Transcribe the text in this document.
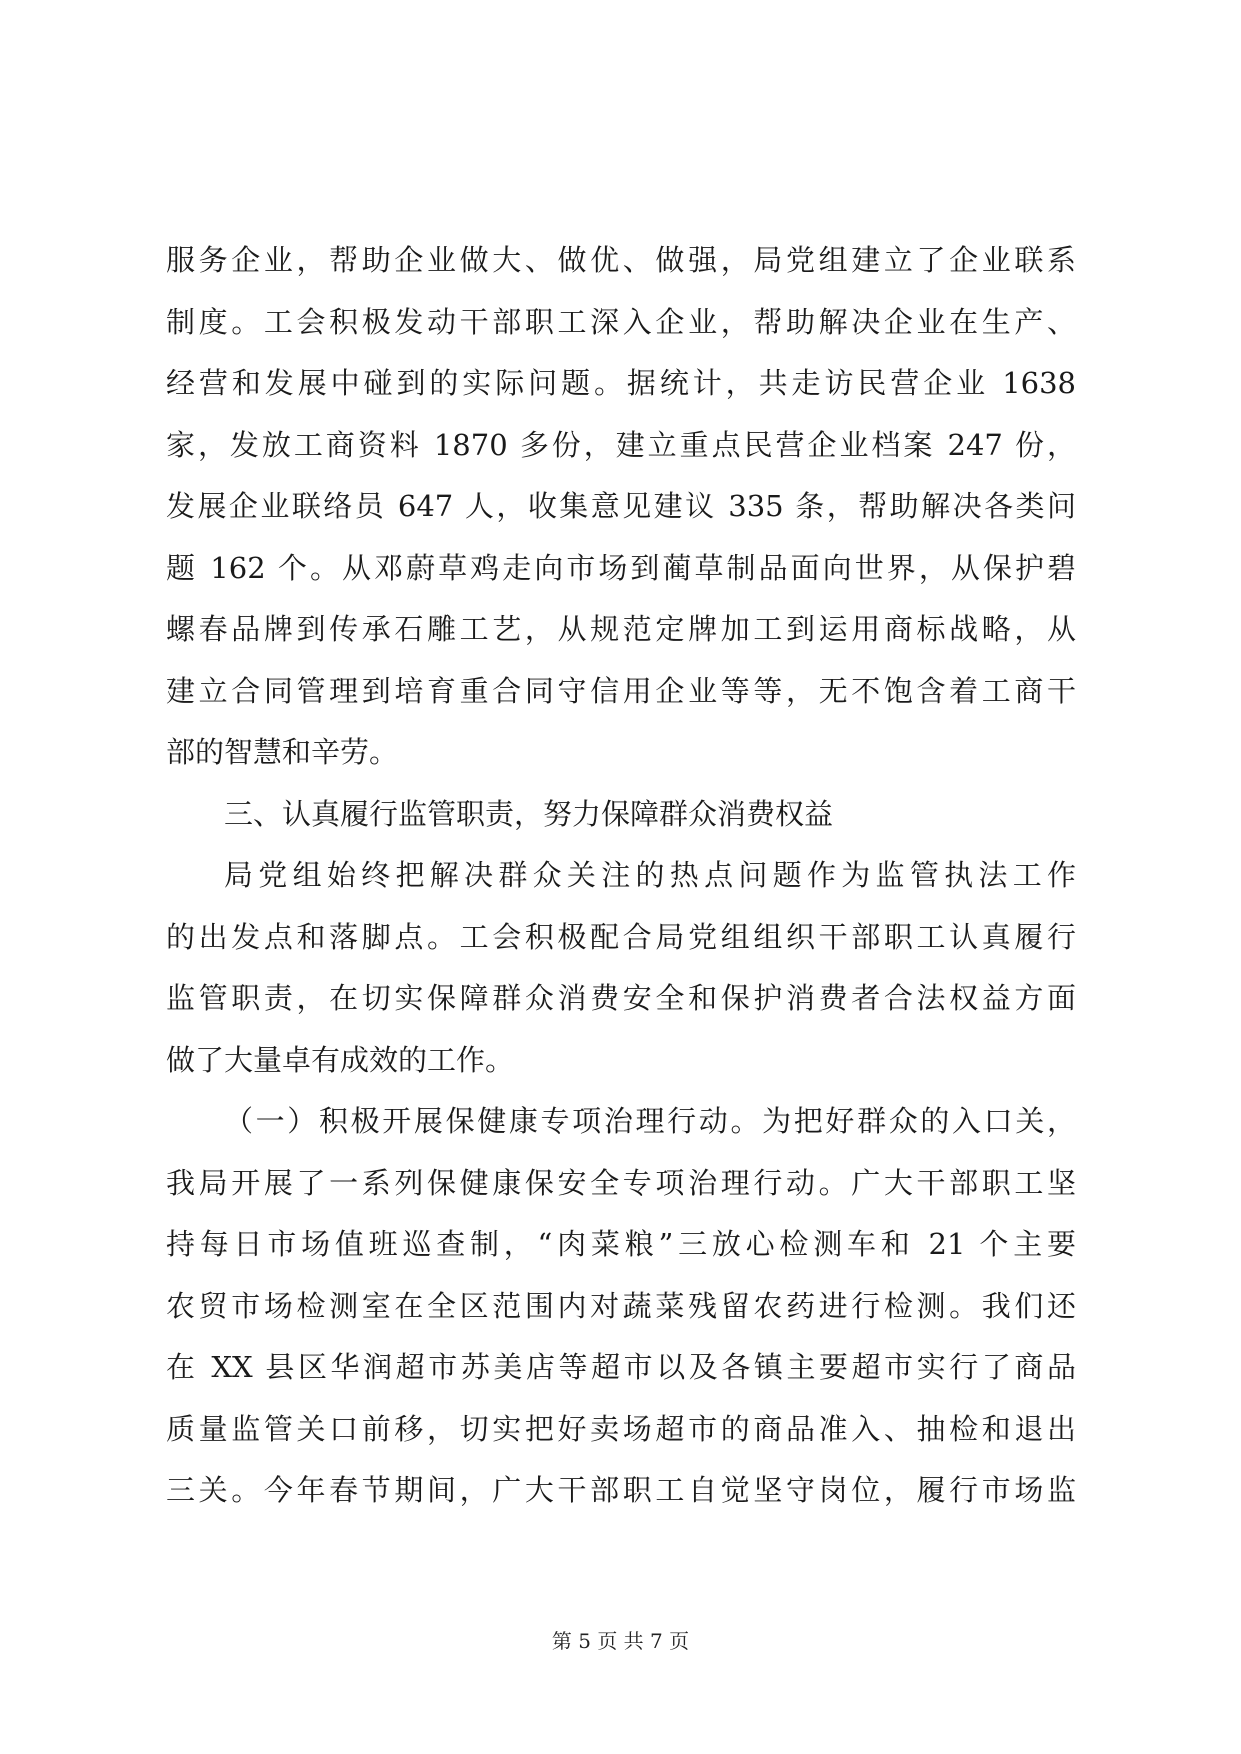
服务企业，帮助企业做大、做优、做强，局党组建立了企业联系
制度。工会积极发动干部职工深入企业，帮助解决企业在生产、
经营和发展中碰到的实际问题。据统计，共走访民营企业 1638
家，发放工商资料 1870 多份，建立重点民营企业档案 247 份，
发展企业联络员 647 人，收集意见建议 335 条，帮助解决各类问
题 162 个。从邓蔚草鸡走向市场到蔺草制品面向世界，从保护碧
螺春品牌到传承石雕工艺，从规范定牌加工到运用商标战略，从
建立合同管理到培育重合同守信用企业等等，无不饱含着工商干
部的智慧和辛劳。
三、认真履行监管职责，努力保障群众消费权益
局党组始终把解决群众关注的热点问题作为监管执法工作
的出发点和落脚点。工会积极配合局党组组织干部职工认真履行
监管职责，在切实保障群众消费安全和保护消费者合法权益方面
做了大量卓有成效的工作。
（一）积极开展保健康专项治理行动。为把好群众的入口关，
我局开展了一系列保健康保安全专项治理行动。广大干部职工坚
持每日市场值班巡查制，“肉菜粮”三放心检测车和 21 个主要
农贸市场检测室在全区范围内对蔬菜残留农药进行检测。我们还
在 XX 县区华润超市苏美店等超市以及各镇主要超市实行了商品
质量监管关口前移，切实把好卖场超市的商品准入、抽检和退出
三关。今年春节期间，广大干部职工自觉坚守岗位，履行市场监
第 5 页 共 7 页
